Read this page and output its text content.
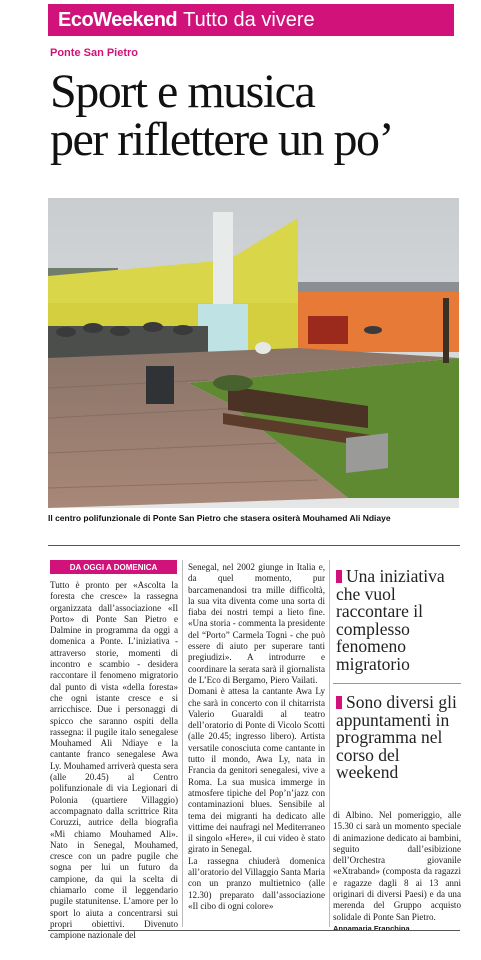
EcoWeekend Tutto da vivere
Ponte San Pietro
Sport e musica
per riflettere un po’
Il centro polifunzionale di Ponte San Pietro che stasera ositerà Mouhamed Ali Ndiaye
DA OGGI A DOMENICA

Tutto è pronto per «Ascolta la foresta che cresce» la rassegna organizzata dall’associazione «Il Porto» di Ponte San Pietro e Dalmine in programma da oggi a domenica a Ponte. L’iniziativa - attraverso storie, momenti di incontro e scambio - desidera raccontare il fenomeno migratorio dal punto di vista «della foresta» che ogni istante cresce e si arricchisce. Due i personaggi di spicco che saranno ospiti della rassegna: il pugile italo senegalese Mouhamed Ali Ndiaye e la cantante franco senegalese Awa Ly. Mouhamed arriverà questa sera (alle 20.45) al Centro polifunzionale di via Legionari di Polonia (quartiere Villaggio) accompagnato dalla scrittrice Rita Coruzzi, autrice della biografia «Mi chiamo Mouhamed Ali». Nato in Senegal, Mouhamed, cresce con un padre pugile che sogna per lui un futuro da campione, da qui la scelta di chiamarlo come il leggendario pugile statunitense. L’amore per lo sport lo aiuta a concentrarsi sui propri obiettivi. Divenuto campione nazionale del

Senegal, nel 2002 giunge in Italia e, da quel momento, pur barcamenandosi tra mille difficoltà, la sua vita diventa come una sorta di fiaba dei nostri tempi a lieto fine. «Una storia - commenta la presidente del “Porto” Carmela Togni - che può essere di aiuto per superare tanti pregiudizi». A introdurre e coordinare la serata sarà il giornalista de L’Eco di Bergamo, Piero Vailati.

Domani è attesa la cantante Awa Ly che sarà in concerto con il chitarrista Valerio Guaraldi al teatro dell’oratorio di Ponte di Vicolo Scotti (alle 20.45; ingresso libero). Artista versatile conosciuta come cantante in tutto il mondo, Awa Ly, nata in Francia da genitori senegalesi, vive a Roma. La sua musica immerge in atmosfere tipiche del Pop’n’jazz con contaminazioni blues. Sensibile al tema dei migranti ha dedicato alle vittime dei naufragi nel Mediterraneo il singolo «Here», il cui video è stato girato in Senegal.

La rassegna chiuderà domenica all’oratorio del Villaggio Santa Maria con un pranzo multietnico (alle 12.30) preparato dall’associazione «Il cibo di ogni colore»

Una iniziativa che vuol raccontare il complesso fenomeno migratorio
Sono diversi gli appuntamenti in programma nel corso del weekend

di Albino. Nel pomeriggio, alle 15.30 ci sarà un momento speciale di animazione dedicato ai bambini, seguito dall’esibizione dell’Orchestra giovanile «eXtraband» (composta da ragazzi e ragazze dagli 8 ai 13 anni originari di diversi Paesi) e da una merenda del Gruppo acquisto solidale di Ponte San Pietro.

Annamaria Franchina
